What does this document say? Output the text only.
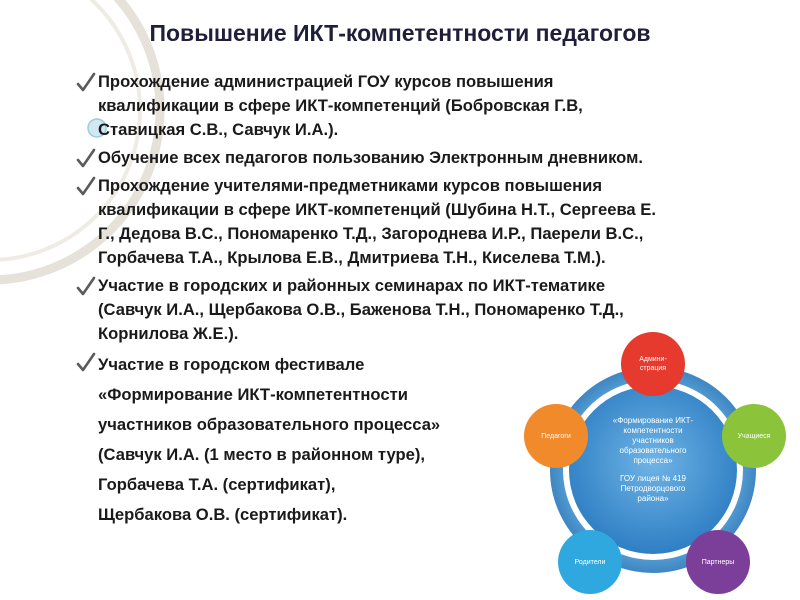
Повышение ИКТ-компетентности педагогов
Прохождение администрацией ГОУ курсов повышения
квалификации в сфере ИКТ-компетенций (Бобровская Г.В,
Ставицкая С.В., Савчук И.А.).
Обучение всех педагогов пользованию Электронным дневником.
Прохождение учителями-предметниками курсов повышения
квалификации в сфере ИКТ-компетенций (Шубина Н.Т., Сергеева Е.
Г., Дедова В.С., Пономаренко Т.Д., Загороднева И.Р., Паерели В.С.,
Горбачева Т.А., Крылова Е.В., Дмитриева Т.Н., Киселева Т.М.).
Участие в городских и районных семинарах по ИКТ-тематике
(Савчук И.А., Щербакова О.В., Баженова Т.Н., Пономаренко Т.Д.,
Корнилова Ж.Е.).
Участие в городском фестивале
«Формирование ИКТ-компетентности
участников образовательного процесса»
(Савчук И.А. (1 место в районном туре),
Горбачева Т.А. (сертификат),
Щербакова О.В. (сертификат).
Админи-
страция
Учащиеся
Педагоги
Родители	Партнеры
«Формирование ИКТ-
компетентности
участников
образовательного
процесса»
ГОУ лицея № 419
Петродворцового
района»
